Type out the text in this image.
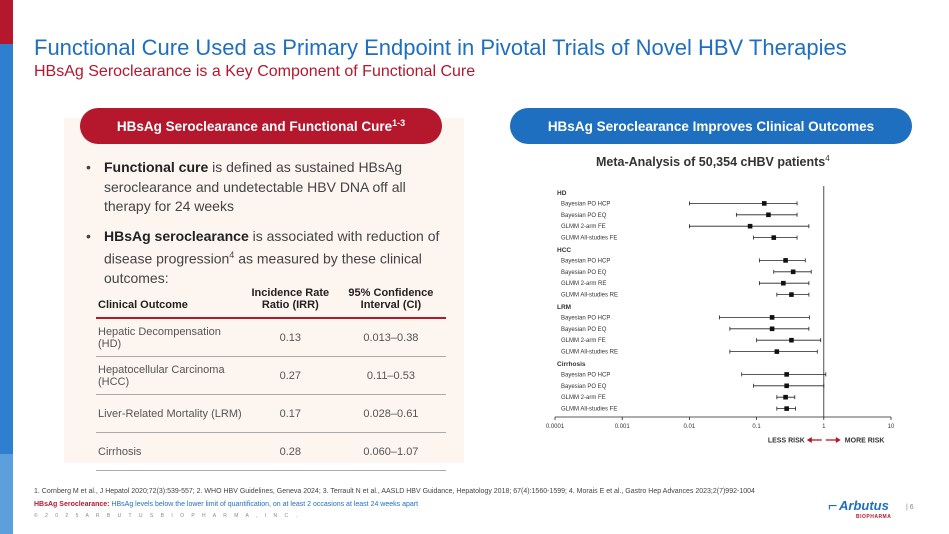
Functional Cure Used as Primary Endpoint in Pivotal Trials of Novel HBV Therapies
HBsAg Seroclearance is a Key Component of Functional Cure
HBsAg Seroclearance and Functional Cure$^{1-3}$
• Functional cure is defined as sustained HBsAg seroclearance and undetectable HBV DNA off all therapy for 24 weeks
• HBsAg seroclearance is associated with reduction of disease progression$^4$ as measured by these clinical outcomes:
Clinical Outcome	Incidence Rate Ratio (IRR)	95% Confidence Interval (CI)
Hepatic Decompensation (HD)	0.13	0.013–0.38
Hepatocellular Carcinoma (HCC)	0.27	0.11–0.53
Liver-Related Mortality (LRM)	0.17	0.028–0.61
Cirrhosis	0.28	0.060–1.07
HBsAg Seroclearance Improves Clinical Outcomes
Meta-Analysis of 50,354 cHBV patients$^4$
HD
Bayesian PO HCP
Bayesian PO EQ
GLMM 2-arm FE
GLMM All-studies FE
HCC
Bayesian PO HCP
Bayesian PO EQ
GLMM 2-arm RE
GLMM All-studies RE
LRM
Bayesian PO HCP
Bayesian PO EQ
GLMM 2-arm FE
GLMM All-studies RE
Cirrhosis
Bayesian PO HCP
Bayesian PO EQ
GLMM 2-arm FE
GLMM All-studies FE
0.0001	0.001	0.01	0.1	1	10
LESS RISK	MORE RISK
1. Cornberg M et al., J Hepatol 2020;72(3):539-557; 2. WHO HBV Guidelines, Geneva 2024; 3. Terrault N et al., AASLD HBV Guidance, Hepatology 2018; 67(4):1560-1599; 4. Morais E et al., Gastro Hep Advances 2023;2(7)992-1004
HBsAg Seroclearance: HBsAg levels below the lower limit of quantification, on at least 2 occasions at least 24 weeks apart
© 2 0 2 5 A R B U T U S B I O P H A R M A , I N C .
⌐ Arbutus
BIOPHARMA
| 6
